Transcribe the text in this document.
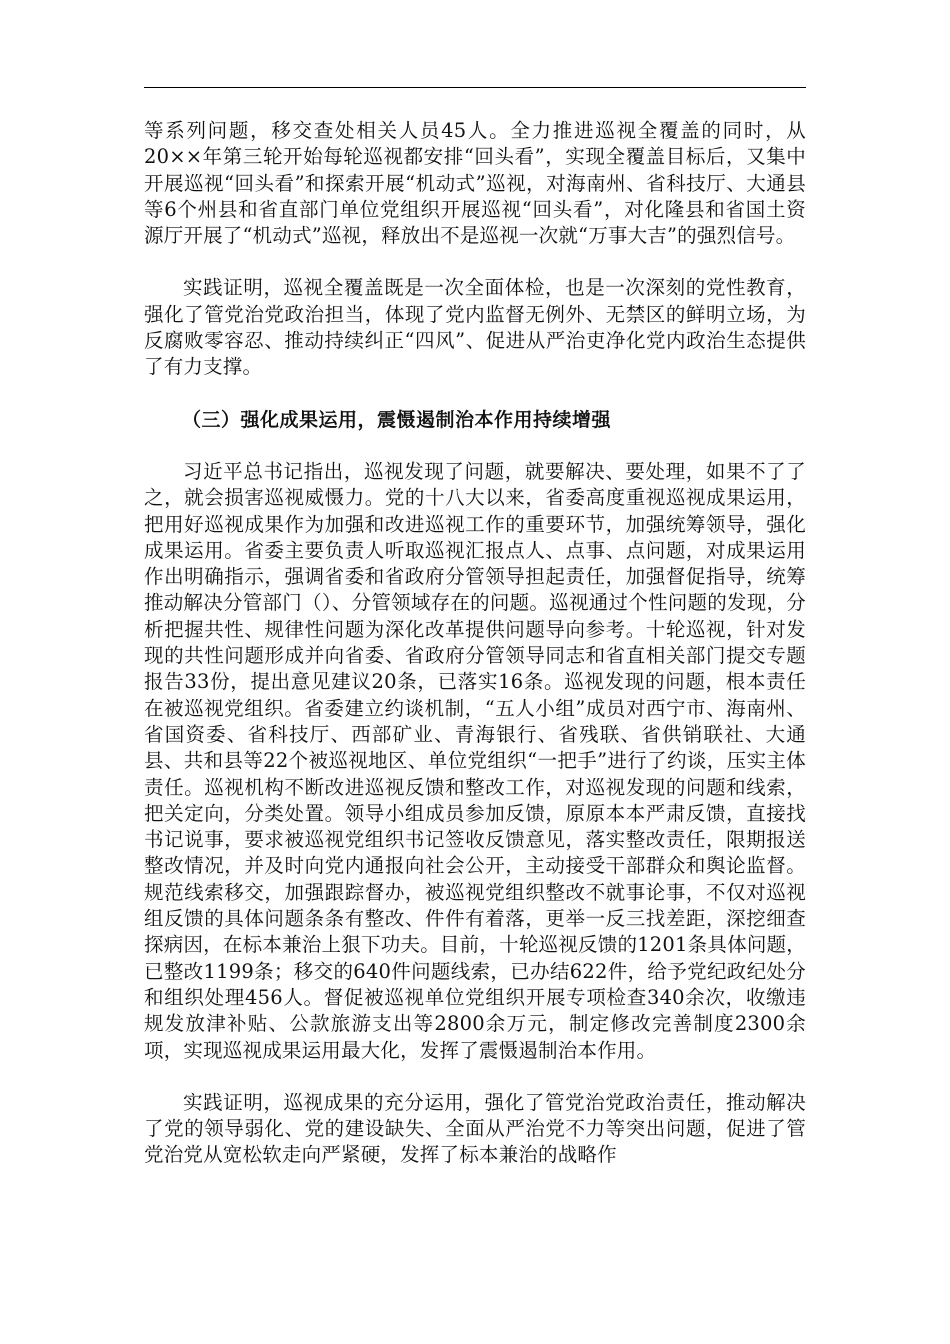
等系列问题，移交查处相关人员45人。全力推进巡视全覆盖的同时，从20××年第三轮开始每轮巡视都安排“回头看”，实现全覆盖目标后，又集中开展巡视“回头看”和探索开展“机动式”巡视，对海南州、省科技厅、大通县等6个州县和省直部门单位党组织开展巡视“回头看”，对化隆县和省国土资源厅开展了“机动式”巡视，释放出不是巡视一次就“万事大吉”的强烈信号。

实践证明，巡视全覆盖既是一次全面体检，也是一次深刻的党性教育，强化了管党治党政治担当，体现了党内监督无例外、无禁区的鲜明立场，为反腐败零容忍、推动持续纠正“四风”、促进从严治吏净化党内政治生态提供了有力支撑。

（三）强化成果运用，震慑遏制治本作用持续增强

习近平总书记指出，巡视发现了问题，就要解决、要处理，如果不了了之，就会损害巡视威慑力。党的十八大以来，省委高度重视巡视成果运用，把用好巡视成果作为加强和改进巡视工作的重要环节，加强统筹领导，强化成果运用。省委主要负责人听取巡视汇报点人、点事、点问题，对成果运用作出明确指示，强调省委和省政府分管领导担起责任，加强督促指导，统筹推动解决分管部门（）、分管领域存在的问题。巡视通过个性问题的发现，分析把握共性、规律性问题为深化改革提供问题导向参考。十轮巡视，针对发现的共性问题形成并向省委、省政府分管领导同志和省直相关部门提交专题报告33份，提出意见建议20条，已落实16条。巡视发现的问题，根本责任在被巡视党组织。省委建立约谈机制，“五人小组”成员对西宁市、海南州、省国资委、省科技厅、西部矿业、青海银行、省残联、省供销联社、大通县、共和县等22个被巡视地区、单位党组织“一把手”进行了约谈，压实主体责任。巡视机构不断改进巡视反馈和整改工作，对巡视发现的问题和线索，把关定向，分类处置。领导小组成员参加反馈，原原本本严肃反馈，直接找书记说事，要求被巡视党组织书记签收反馈意见，落实整改责任，限期报送整改情况，并及时向党内通报向社会公开，主动接受干部群众和舆论监督。规范线索移交，加强跟踪督办，被巡视党组织整改不就事论事，不仅对巡视组反馈的具体问题条条有整改、件件有着落，更举一反三找差距，深挖细查探病因，在标本兼治上狠下功夫。目前，十轮巡视反馈的1201条具体问题，已整改1199条；移交的640件问题线索，已办结622件，给予党纪政纪处分和组织处理456人。督促被巡视单位党组织开展专项检查340余次，收缴违规发放津补贴、公款旅游支出等2800余万元，制定修改完善制度2300余项，实现巡视成果运用最大化，发挥了震慑遏制治本作用。

实践证明，巡视成果的充分运用，强化了管党治党政治责任，推动解决了党的领导弱化、党的建设缺失、全面从严治党不力等突出问题，促进了管党治党从宽松软走向严紧硬，发挥了标本兼治的战略作
